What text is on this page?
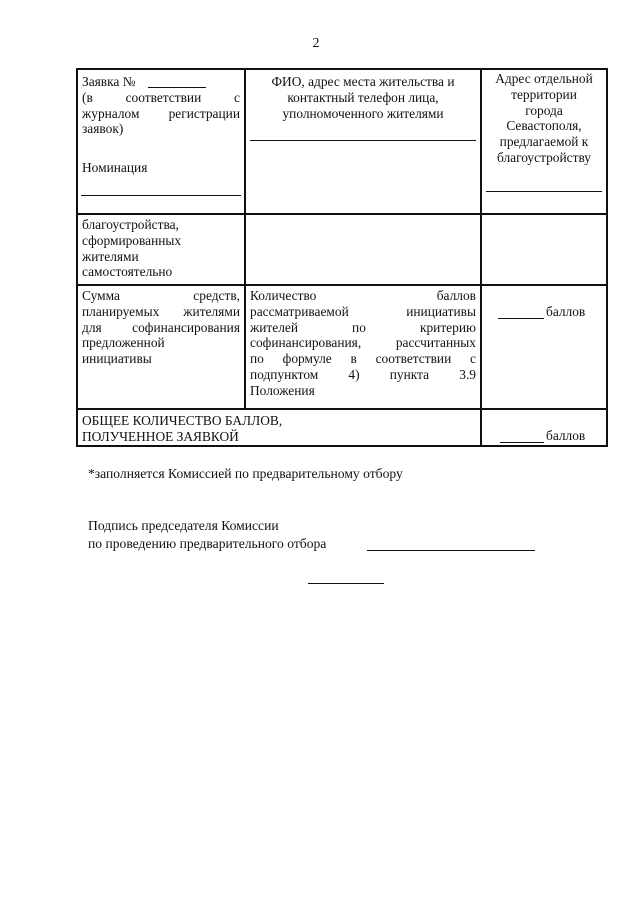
2
Заявка №
(в соответствии с
журналом регистрации
заявок)
Номинация
ФИО, адрес места жительства и
контактный телефон лица,
уполномоченного жителями
Адрес отдельной
территории
города
Севастополя,
предлагаемой к
благоустройству
благоустройства,
сформированных
жителями
самостоятельно
Сумма средств,
планируемых жителями
для софинансирования
предложенной
инициативы
Количество баллов
рассматриваемой инициативы
жителей по критерию
софинансирования, рассчитанных
по формуле в соответствии с
подпунктом 4) пункта 3.9
Положения
баллов
ОБЩЕЕ КОЛИЧЕСТВО БАЛЛОВ,
ПОЛУЧЕННОЕ ЗАЯВКОЙ	баллов
*заполняется Комиссией по предварительному отбору
Подпись председателя Комиссии
по проведению предварительного отбора
